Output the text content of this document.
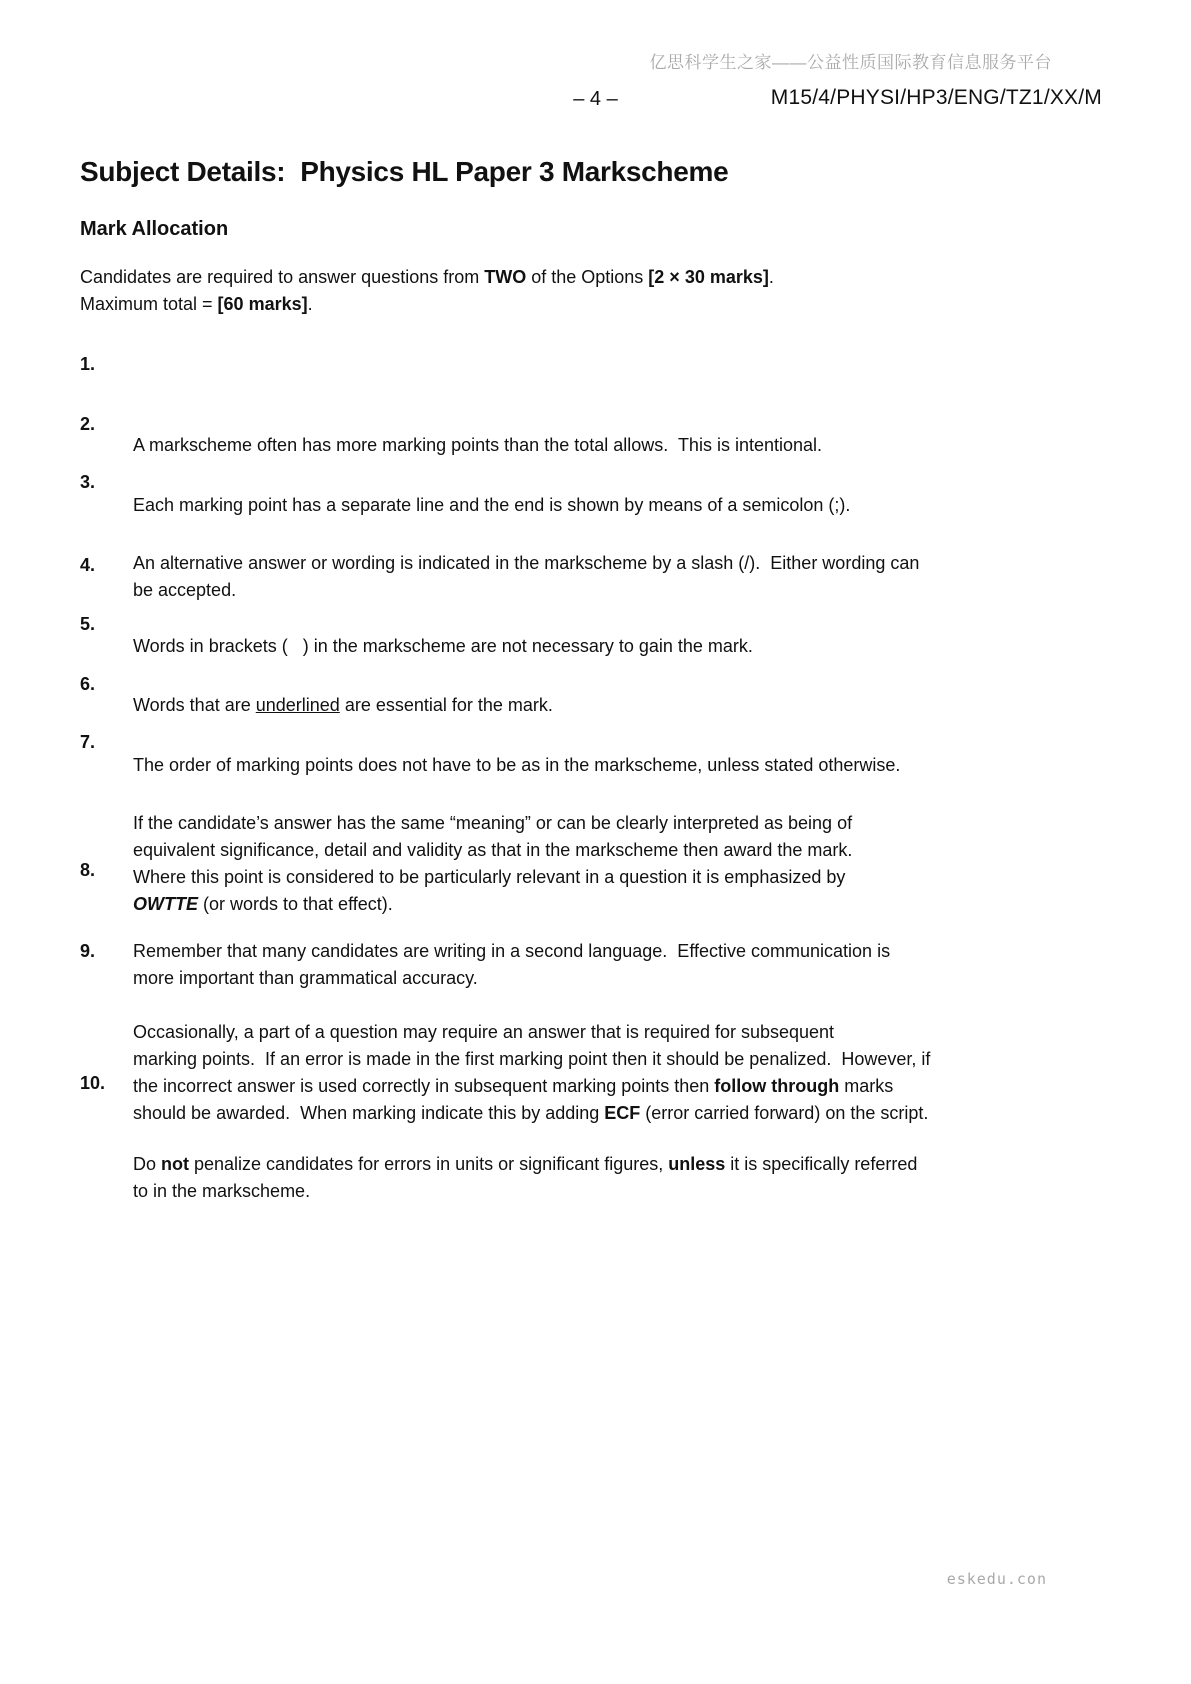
亿思科学生之家——公益性质国际教育信息服务平台
– 4 –	M15/4/PHYSI/HP3/ENG/TZ1/XX/M
Subject Details:  Physics HL Paper 3 Markscheme
Mark Allocation
Candidates are required to answer questions from TWO of the Options [2 × 30 marks].
Maximum total = [60 marks].

1.

A markscheme often has more marking points than the total allows.  This is intentional.

2.

Each marking point has a separate line and the end is shown by means of a semicolon (;).

3.

An alternative answer or wording is indicated in the markscheme by a slash (/).  Either wording can
be accepted.

4.

Words in brackets (   ) in the markscheme are not necessary to gain the mark.

5.

Words that are underlined are essential for the mark.

6.

The order of marking points does not have to be as in the markscheme, unless stated otherwise.

7.

If the candidate’s answer has the same “meaning” or can be clearly interpreted as being of
equivalent significance, detail and validity as that in the markscheme then award the mark.
Where this point is considered to be particularly relevant in a question it is emphasized by
OWTTE (or words to that effect).

8.

Remember that many candidates are writing in a second language.  Effective communication is
more important than grammatical accuracy.

9.

Occasionally, a part of a question may require an answer that is required for subsequent
marking points.  If an error is made in the first marking point then it should be penalized.  However, if
the incorrect answer is used correctly in subsequent marking points then follow through marks
should be awarded.  When marking indicate this by adding ECF (error carried forward) on the script.

10.

Do not penalize candidates for errors in units or significant figures, unless it is specifically referred
to in the markscheme.

eskedu.con
